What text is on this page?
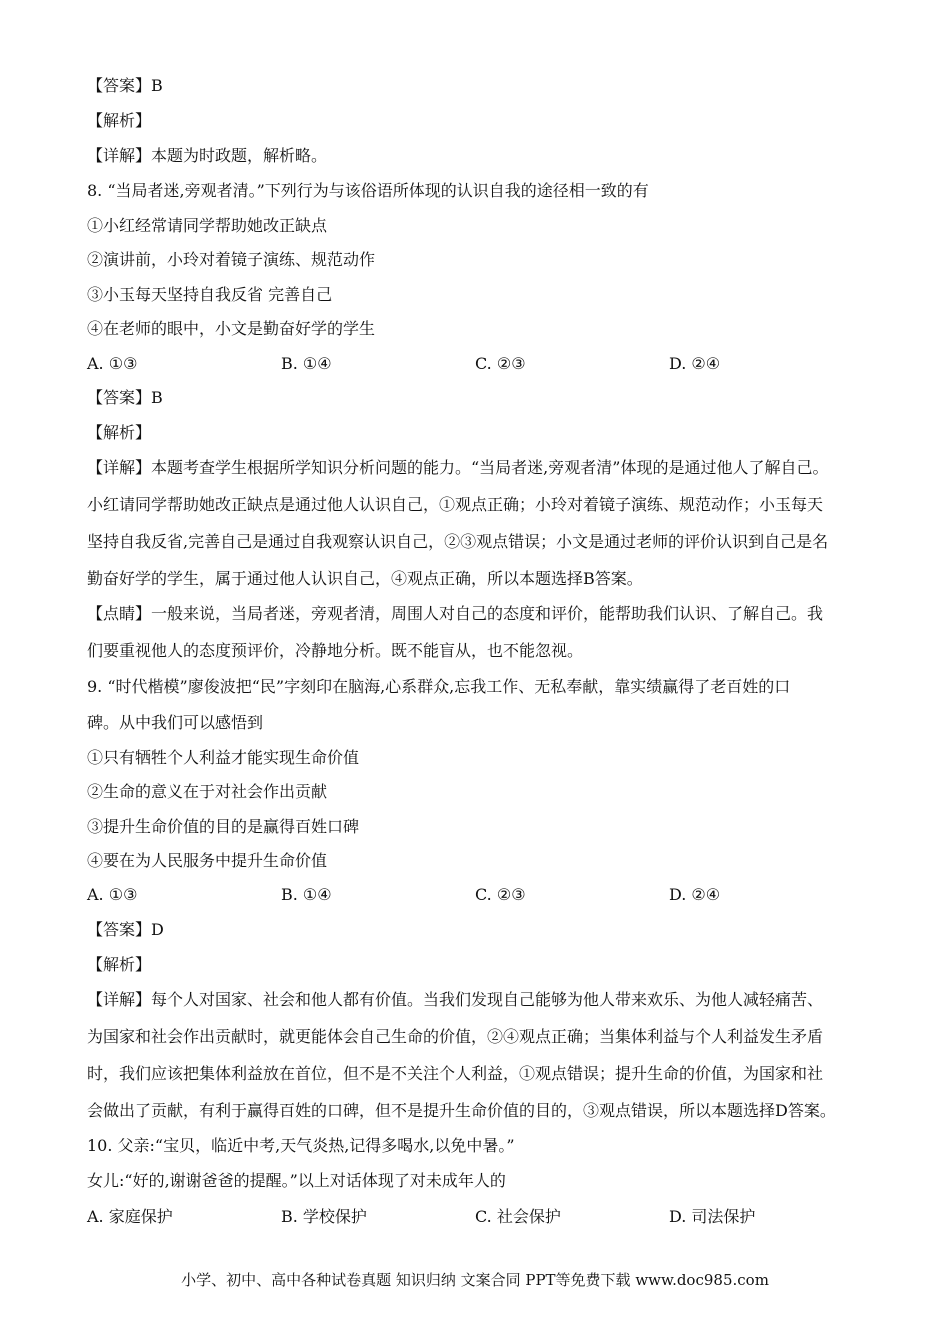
【答案】B
【解析】
【详解】本题为时政题，解析略。
8. “当局者迷,旁观者清。”下列行为与该俗语所体现的认识自我的途径相一致的有
①小红经常请同学帮助她改正缺点
②演讲前，小玲对着镜子演练、规范动作
③小玉每天坚持自我反省 完善自己
④在老师的眼中，小文是勤奋好学的学生
A. ①③	B. ①④	C. ②③	D. ②④
【答案】B
【解析】
【详解】本题考查学生根据所学知识分析问题的能力。“当局者迷,旁观者清”体现的是通过他人了解自己。
小红请同学帮助她改正缺点是通过他人认识自己，①观点正确；小玲对着镜子演练、规范动作；小玉每天
坚持自我反省,完善自己是通过自我观察认识自己，②③观点错误；小文是通过老师的评价认识到自己是名
勤奋好学的学生，属于通过他人认识自己，④观点正确，所以本题选择B答案。
【点睛】一般来说，当局者迷，旁观者清，周围人对自己的态度和评价，能帮助我们认识、了解自己。我
们要重视他人的态度预评价，冷静地分析。既不能盲从，也不能忽视。
9. “时代楷模”廖俊波把“民”字刻印在脑海,心系群众,忘我工作、无私奉献，靠实绩赢得了老百姓的口
碑。从中我们可以感悟到
①只有牺牲个人利益才能实现生命价值
②生命的意义在于对社会作出贡献
③提升生命价值的目的是赢得百姓口碑
④要在为人民服务中提升生命价值
A. ①③	B. ①④	C. ②③	D. ②④
【答案】D
【解析】
【详解】每个人对国家、社会和他人都有价值。当我们发现自己能够为他人带来欢乐、为他人减轻痛苦、
为国家和社会作出贡献时，就更能体会自己生命的价值，②④观点正确；当集体利益与个人利益发生矛盾
时，我们应该把集体利益放在首位，但不是不关注个人利益，①观点错误；提升生命的价值，为国家和社
会做出了贡献，有利于赢得百姓的口碑，但不是提升生命价值的目的，③观点错误，所以本题选择D答案。
10. 父亲:“宝贝，临近中考,天气炎热,记得多喝水,以免中暑。”
女儿:“好的,谢谢爸爸的提醒。”以上对话体现了对未成年人的
A. 家庭保护	B. 学校保护	C. 社会保护	D. 司法保护
小学、初中、高中各种试卷真题 知识归纳 文案合同 PPT等免费下载 www.doc985.com
